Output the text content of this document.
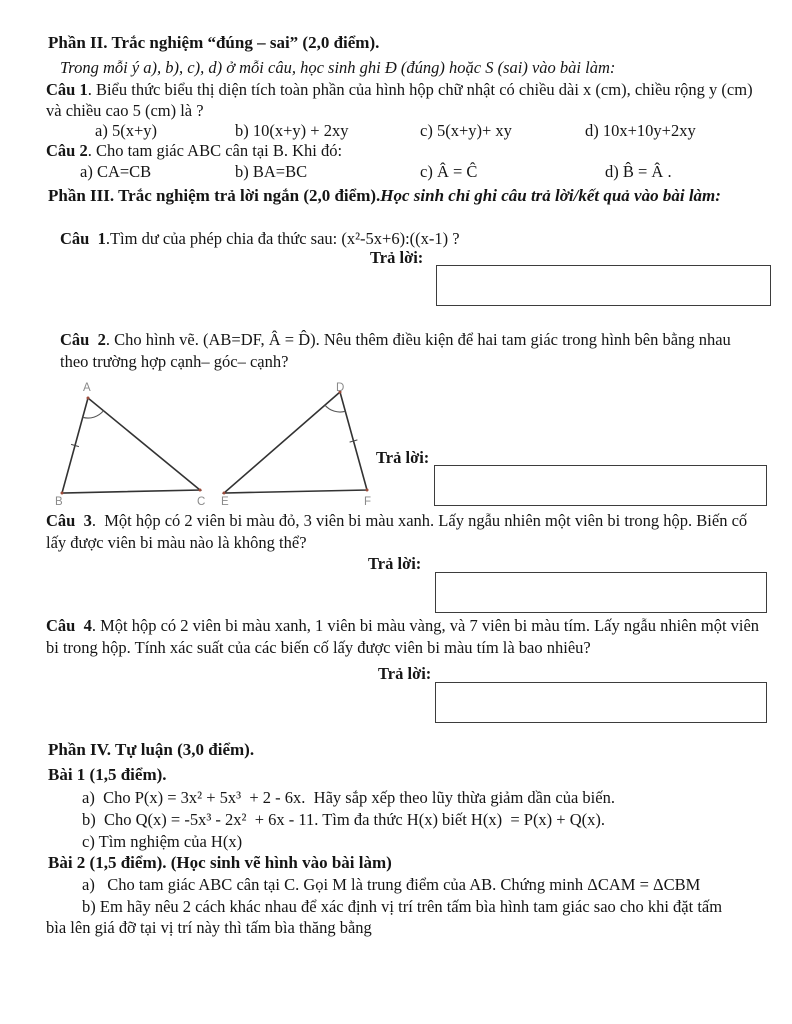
Phần II. Trắc nghiệm “đúng – sai” (2,0 điểm).
Trong mỗi ý a), b), c), d) ở mỗi câu, học sinh ghi Đ (đúng) hoặc S (sai) vào bài làm:
Câu 1. Biểu thức biểu thị diện tích toàn phần của hình hộp chữ nhật có chiều dài x (cm), chiều rộng y (cm)
và chiều cao 5 (cm) là ?
a) 5(x+y)	b) 10(x+y) + 2xy	c) 5(x+y)+ xy	d) 10x+10y+2xy
Câu 2. Cho tam giác ABC cân tại B. Khi đó:
a) CA=CB	b) BA=BC	c) Â = Ĉ	d) B̂ = Â .
Phần III. Trắc nghiệm trả lời ngắn (2,0 điểm).Học sinh chỉ ghi câu trả lời/kết quả vào bài làm:
Câu  1.Tìm dư của phép chia đa thức sau: (x²-5x+6):((x-1) ?
Trả lời:
Câu  2. Cho hình vẽ. (AB=DF, Â = D̂). Nêu thêm điều kiện để hai tam giác trong hình bên bằng nhau
theo trường hợp cạnh– góc– cạnh?
A
B	C
D
E	F
Trả lời:
Câu  3.  Một hộp có 2 viên bi màu đỏ, 3 viên bi màu xanh. Lấy ngẫu nhiên một viên bi trong hộp. Biến cố
lấy được viên bi màu nào là không thể?
Trả lời:
Câu  4. Một hộp có 2 viên bi màu xanh, 1 viên bi màu vàng, và 7 viên bi màu tím. Lấy ngẫu nhiên một viên
bi trong hộp. Tính xác suất của các biến cố lấy được viên bi màu tím là bao nhiêu?
Trả lời:
Phần IV. Tự luận (3,0 điểm).
Bài 1 (1,5 điểm).
a)  Cho P(x) = 3x² + 5x³  + 2 - 6x.  Hãy sắp xếp theo lũy thừa giảm dần của biến.
b)  Cho Q(x) = -5x³ - 2x²  + 6x - 11. Tìm đa thức H(x) biết H(x)  = P(x) + Q(x).
c) Tìm nghiệm của H(x)
Bài 2 (1,5 điểm). (Học sinh vẽ hình vào bài làm)
a)   Cho tam giác ABC cân tại C. Gọi M là trung điểm của AB. Chứng minh ΔCAM = ΔCBM
b) Em hãy nêu 2 cách khác nhau để xác định vị trí trên tấm bìa hình tam giác sao cho khi đặt tấm
bìa lên giá đỡ tại vị trí này thì tấm bìa thăng bằng
